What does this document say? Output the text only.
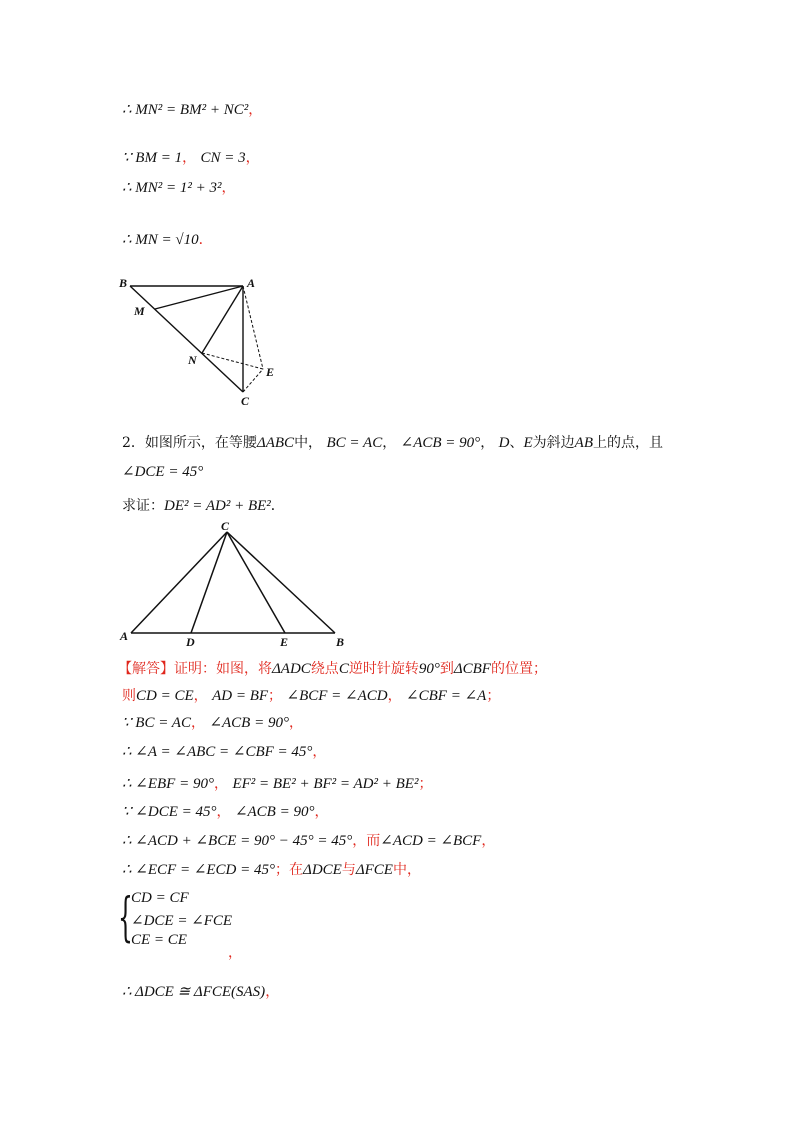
∴ MN² = BM² + NC²，
∵ BM = 1， CN = 3，
∴ MN² = 1² + 3²，
∴ MN = √10．
B	A
M
N
E
C
2．如图所示，在等腰ΔABC中， BC = AC， ∠ACB = 90°， D、E为斜边AB上的点，且
∠DCE = 45°
求证：DE² = AD² + BE²．
C
A	D	E	B
【解答】证明：如图，将ΔADC绕点C逆时针旋转90°到ΔCBF的位置；
则CD = CE， AD = BF； ∠BCF = ∠ACD， ∠CBF = ∠A；
∵ BC = AC， ∠ACB = 90°，
∴ ∠A = ∠ABC = ∠CBF = 45°，
∴ ∠EBF = 90°， EF² = BE² + BF² = AD² + BE²；
∵ ∠DCE = 45°， ∠ACB = 90°，
∴ ∠ACD + ∠BCE = 90° − 45° = 45°，而∠ACD = ∠BCF，
∴ ∠ECF = ∠ECD = 45°；在ΔDCE与ΔFCE中，
{
CD = CF
∠DCE = ∠FCE
CE = CE
，
∴ ΔDCE ≅ ΔFCE(SAS)，
